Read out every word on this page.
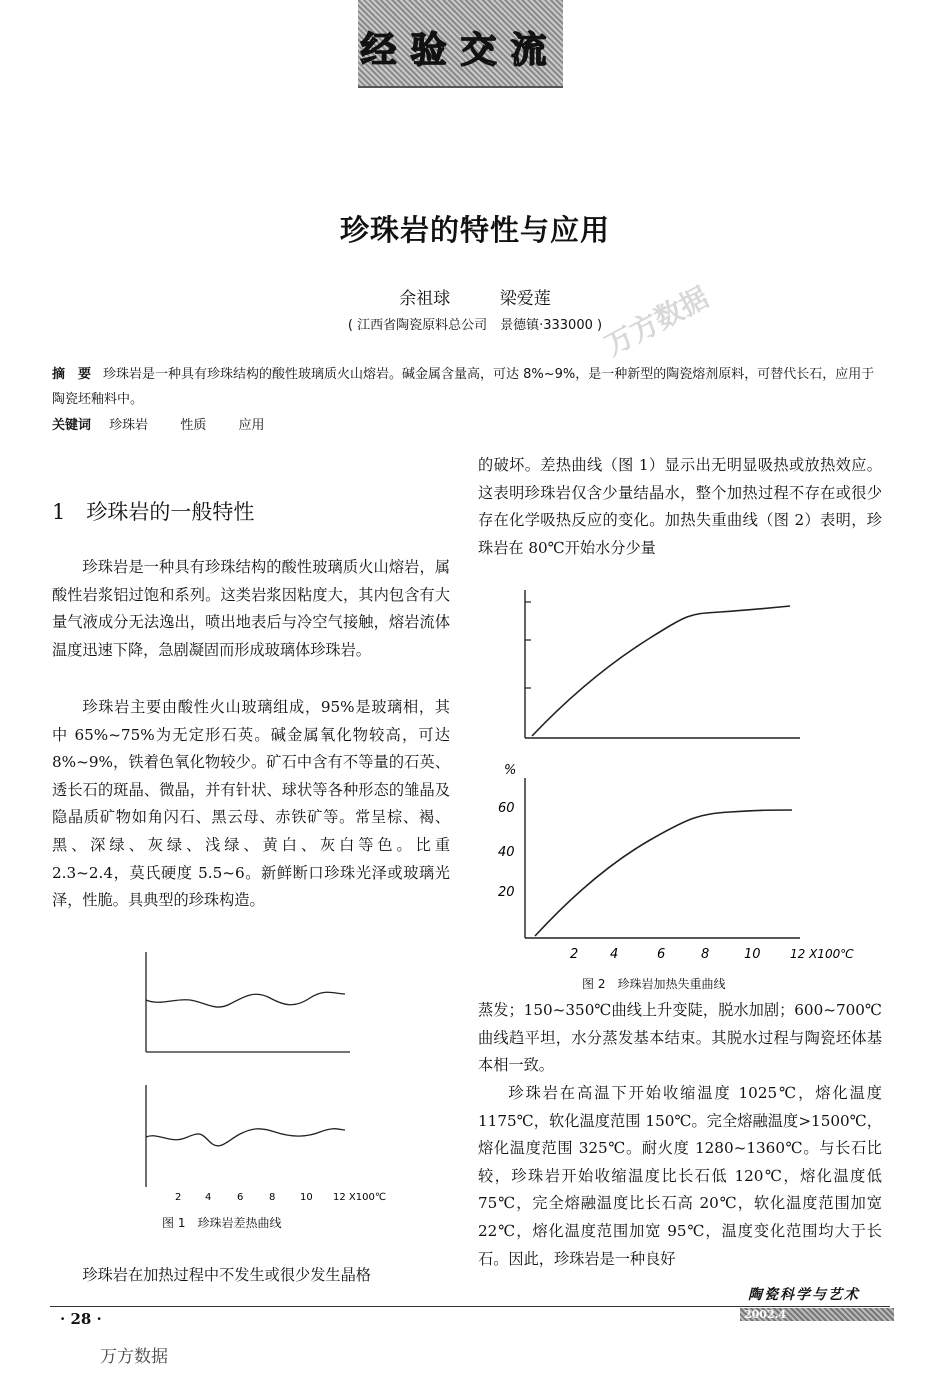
经验交流
珍珠岩的特性与应用
余祖球	梁爱莲
( 江西省陶瓷原料总公司　景德镇·333000 )
万方数据
摘　要 珍珠岩是一种具有珍珠结构的酸性玻璃质火山熔岩。碱金属含量高，可达 8%~9%，是一种新型的陶瓷熔剂原料，可替代长石，应用于陶瓷坯釉料中。
关键词 珍珠岩 性质 应用
1　珍珠岩的一般特性
珍珠岩是一种具有珍珠结构的酸性玻璃质火山熔岩，属酸性岩浆铝过饱和系列。这类岩浆因粘度大，其内包含有大量气液成分无法逸出，喷出地表后与冷空气接触，熔岩流体温度迅速下降，急剧凝固而形成玻璃体珍珠岩。
珍珠岩主要由酸性火山玻璃组成，95%是玻璃相，其中 65%~75%为无定形石英。碱金属氧化物较高，可达 8%~9%，铁着色氧化物较少。矿石中含有不等量的石英、透长石的斑晶、微晶，并有针状、球状等各种形态的雏晶及隐晶质矿物如角闪石、黑云母、赤铁矿等。常呈棕、褐、黑、深绿、灰绿、浅绿、黄白、灰白等色。比重 2.3~2.4，莫氏硬度 5.5~6。新鲜断口珍珠光泽或玻璃光泽，性脆。具典型的珍珠构造。
珍珠岩在加热过程中不发生或很少发生晶格
2 4	6	8 10 12 X100℃
图 1　珍珠岩差热曲线
的破坏。差热曲线（图 1）显示出无明显吸热或放热效应。这表明珍珠岩仅含少量结晶水，整个加热过程不存在或很少存在化学吸热反应的变化。加热失重曲线（图 2）表明，珍珠岩在 80℃开始水分少量
%
60
40
20
2 4	6	8	10 12 X100℃
图 2　珍珠岩加热失重曲线
蒸发；150~350℃曲线上升变陡，脱水加剧；600~700℃曲线趋平坦，水分蒸发基本结束。其脱水过程与陶瓷坯体基本相一致。
珍珠岩在高温下开始收缩温度 1025℃，熔化温度 1175℃，软化温度范围 150℃。完全熔融温度>1500℃，熔化温度范围 325℃。耐火度 1280~1360℃。与长石比较，珍珠岩开始收缩温度比长石低 120℃，熔化温度低 75℃，完全熔融温度比长石高 20℃，软化温度范围加宽 22℃，熔化温度范围加宽 95℃，温度变化范围均大于长石。因此，珍珠岩是一种良好
· 28 ·
陶瓷科学与艺术
2002.4
万方数据
